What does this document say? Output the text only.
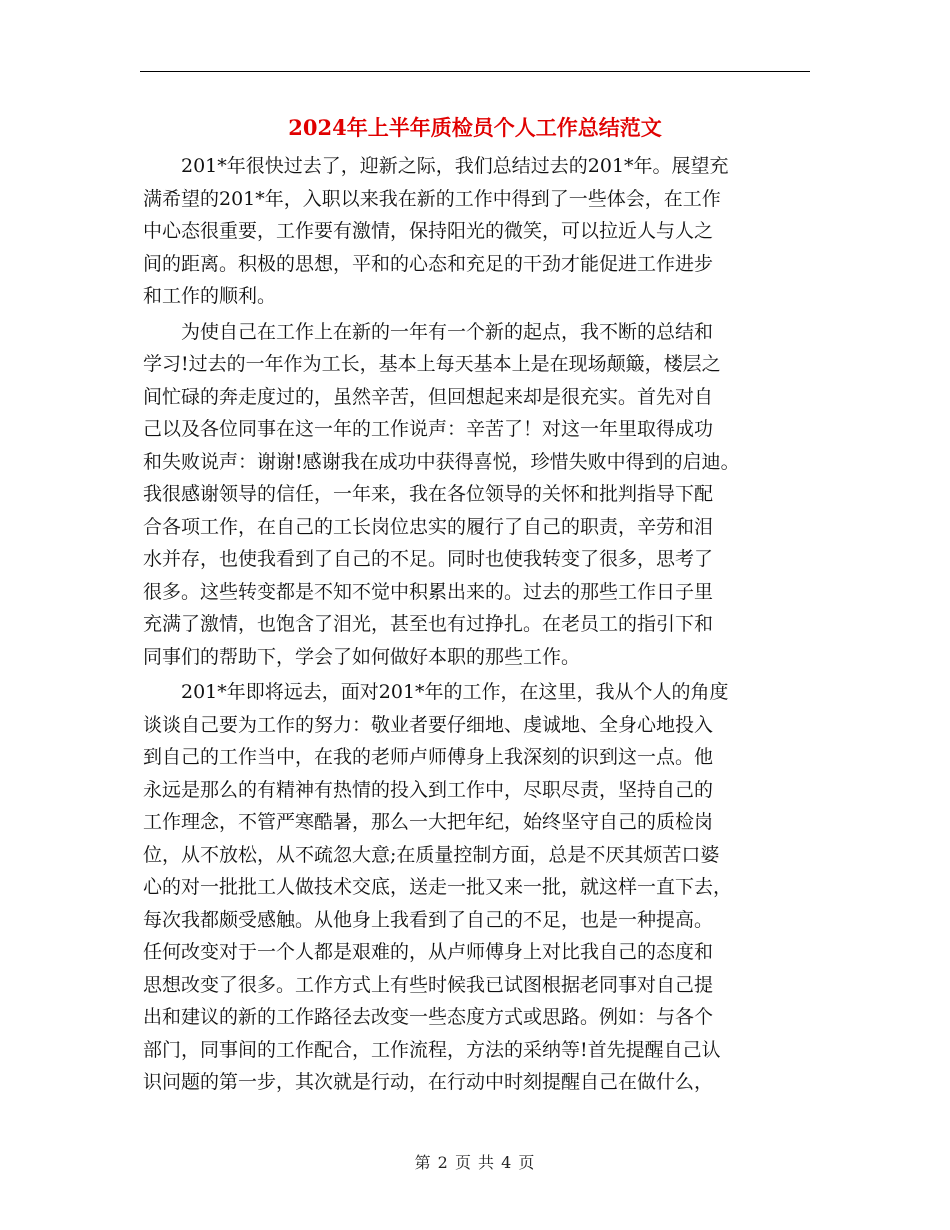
2024年上半年质检员个人工作总结范文
　　201*年很快过去了，迎新之际，我们总结过去的201*年。展望充
满希望的201*年，入职以来我在新的工作中得到了一些体会，在工作
中心态很重要，工作要有激情，保持阳光的微笑，可以拉近人与人之
间的距离。积极的思想，平和的心态和充足的干劲才能促进工作进步
和工作的顺利。
　　为使自己在工作上在新的一年有一个新的起点，我不断的总结和
学习!过去的一年作为工长，基本上每天基本上是在现场颠簸，楼层之
间忙碌的奔走度过的，虽然辛苦，但回想起来却是很充实。首先对自
己以及各位同事在这一年的工作说声：辛苦了！对这一年里取得成功
和失败说声：谢谢!感谢我在成功中获得喜悦，珍惜失败中得到的启迪。
我很感谢领导的信任，一年来，我在各位领导的关怀和批判指导下配
合各项工作，在自己的工长岗位忠实的履行了自己的职责，辛劳和泪
水并存，也使我看到了自己的不足。同时也使我转变了很多，思考了
很多。这些转变都是不知不觉中积累出来的。过去的那些工作日子里
充满了激情，也饱含了泪光，甚至也有过挣扎。在老员工的指引下和
同事们的帮助下，学会了如何做好本职的那些工作。
　　201*年即将远去，面对201*年的工作，在这里，我从个人的角度
谈谈自己要为工作的努力：敬业者要仔细地、虔诚地、全身心地投入
到自己的工作当中，在我的老师卢师傅身上我深刻的识到这一点。他
永远是那么的有精神有热情的投入到工作中，尽职尽责，坚持自己的
工作理念，不管严寒酷暑，那么一大把年纪，始终坚守自己的质检岗
位，从不放松，从不疏忽大意;在质量控制方面，总是不厌其烦苦口婆
心的对一批批工人做技术交底，送走一批又来一批，就这样一直下去，
每次我都颇受感触。从他身上我看到了自己的不足，也是一种提高。
任何改变对于一个人都是艰难的，从卢师傅身上对比我自己的态度和
思想改变了很多。工作方式上有些时候我已试图根据老同事对自己提
出和建议的新的工作路径去改变一些态度方式或思路。例如：与各个
部门，同事间的工作配合，工作流程，方法的采纳等!首先提醒自己认
识问题的第一步，其次就是行动，在行动中时刻提醒自己在做什么，
第 2 页 共 4 页
